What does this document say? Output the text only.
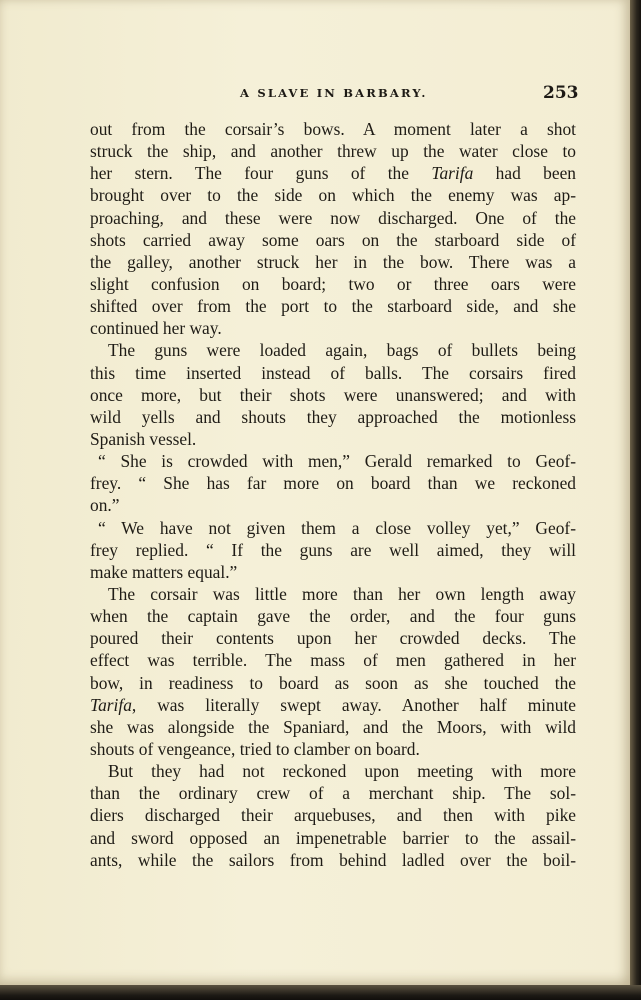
A SLAVE IN BARBARY.	253
out from the corsair’s bows. A moment later a shot
struck the ship, and another threw up the water close to
her stern. The four guns of the Tarifa had been
brought over to the side on which the enemy was ap-
proaching, and these were now discharged. One of the
shots carried away some oars on the starboard side of
the galley, another struck her in the bow. There was a
slight confusion on board; two or three oars were
shifted over from the port to the starboard side, and she
continued her way.
The guns were loaded again, bags of bullets being
this time inserted instead of balls. The corsairs fired
once more, but their shots were unanswered; and with
wild yells and shouts they approached the motionless
Spanish vessel.
“ She is crowded with men,” Gerald remarked to Geof-
frey. “ She has far more on board than we reckoned
on.”
“ We have not given them a close volley yet,” Geof-
frey replied. “ If the guns are well aimed, they will
make matters equal.”
The corsair was little more than her own length away
when the captain gave the order, and the four guns
poured their contents upon her crowded decks. The
effect was terrible. The mass of men gathered in her
bow, in readiness to board as soon as she touched the
Tarifa, was literally swept away. Another half minute
she was alongside the Spaniard, and the Moors, with wild
shouts of vengeance, tried to clamber on board.
But they had not reckoned upon meeting with more
than the ordinary crew of a merchant ship. The sol-
diers discharged their arquebuses, and then with pike
and sword opposed an impenetrable barrier to the assail-
ants, while the sailors from behind ladled over the boil-
